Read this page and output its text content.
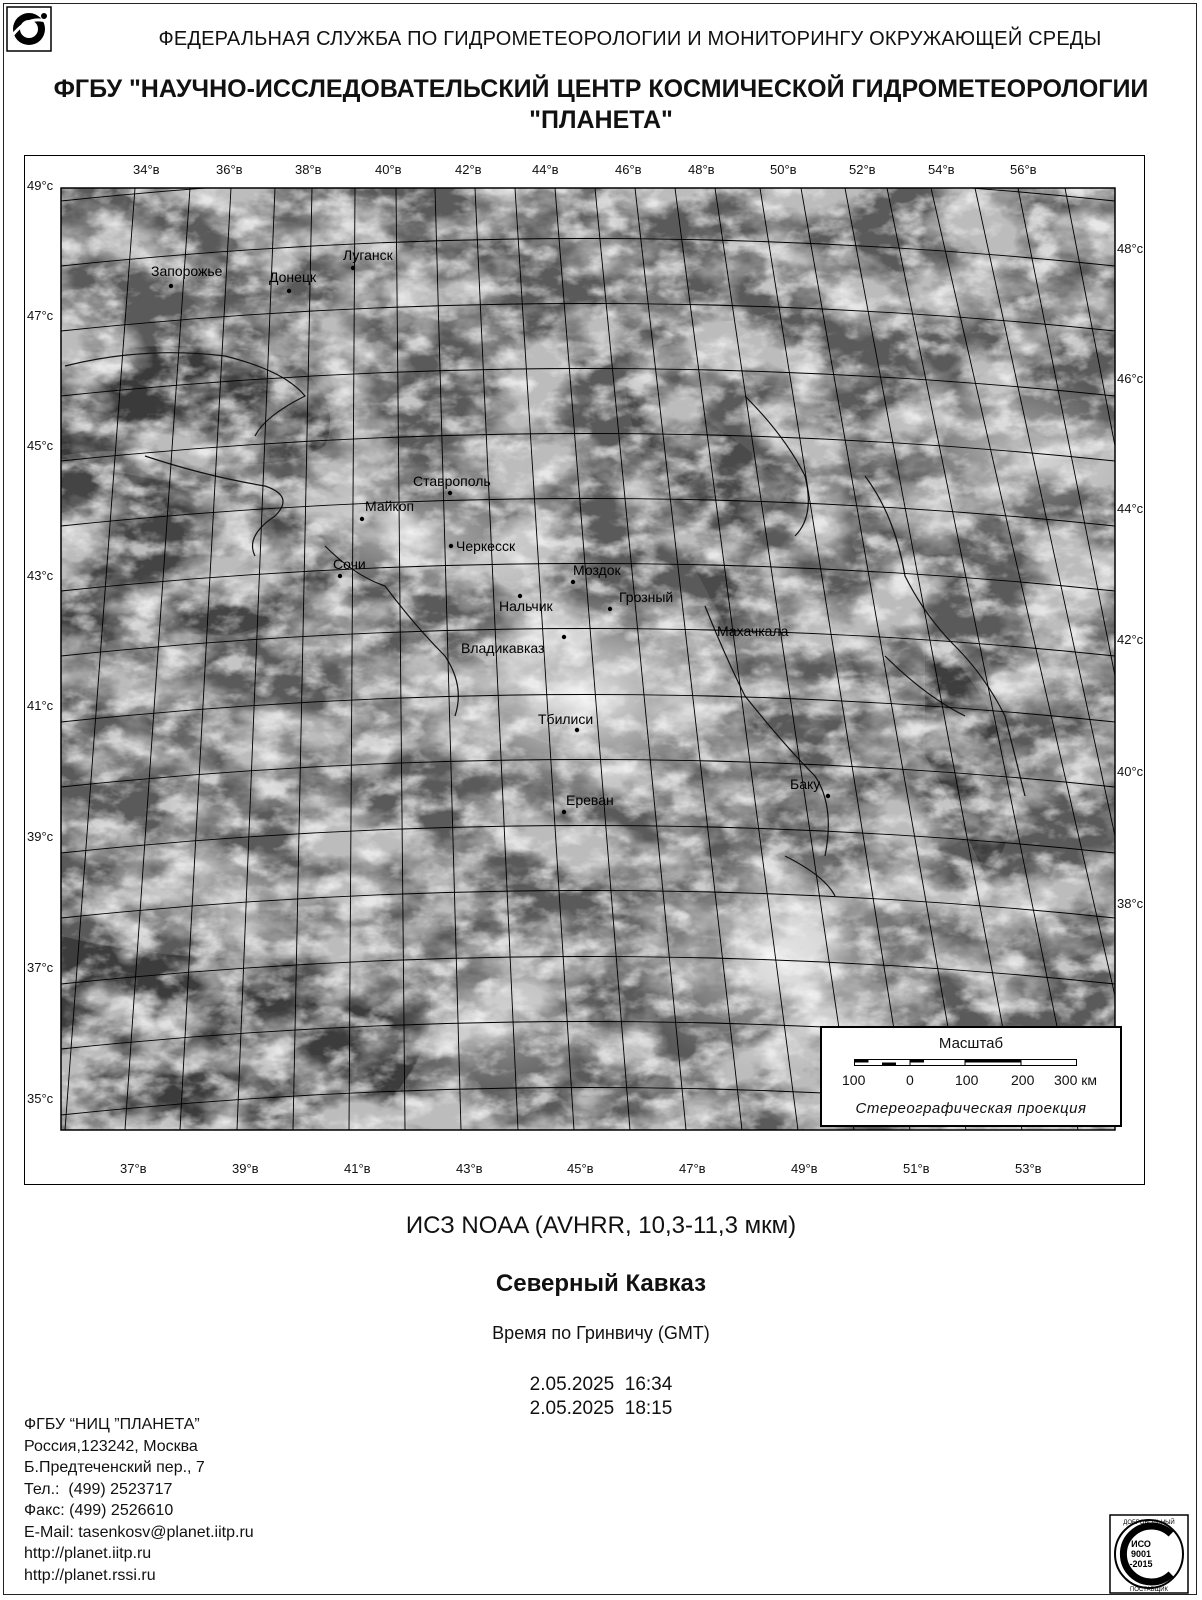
ФЕДЕРАЛЬНАЯ СЛУЖБА ПО ГИДРОМЕТЕОРОЛОГИИ И МОНИТОРИНГУ ОКРУЖАЮЩЕЙ СРЕДЫ
ФГБУ "НАУЧНО-ИССЛЕДОВАТЕЛЬСКИЙ ЦЕНТР КОСМИЧЕСКОЙ ГИДРОМЕТЕОРОЛОГИИ
"ПЛАНЕТА"
Луганск
Запорожье	Донецк
Ставрополь
Майкоп
Черкесск
Сочи	Моздок
Грозный
Нальчик
Владикавказ
Махачкала
Тбилиси
Баку
Ереван
34°в	36°в	38°в	40°в	42°в	44°в	46°в	48°в	50°в	52°в	54°в	56°в
37°в	39°в	41°в	43°в	45°в	47°в	49°в	51°в	53°в
49°с
47°с
45°с
43°с
41°с
39°с
37°с
35°с
48°с
46°с
44°с
42°с
40°с
38°с
Масштаб
100	0	100 200 300 км
Стереографическая проекция
ИСЗ NOAA (AVHRR, 10,3-11,3 мкм)
Северный Кавказ
Время по Гринвичу (GMT)
2.05.2025  16:34
2.05.2025  18:15
ФГБУ “НИЦ ”ПЛАНЕТА”
Россия,123242, Москва
Б.Предтеченский пер., 7
Тел.:  (499) 2523717
Факс: (499) 2526610
E-Mail: tasenkosv@planet.iitp.ru
http://planet.iitp.ru
http://planet.rssi.ru
ИСО
9001
-2015
ДОБРОВОЛЬНЫЙ
ПОСТАВЩИК
